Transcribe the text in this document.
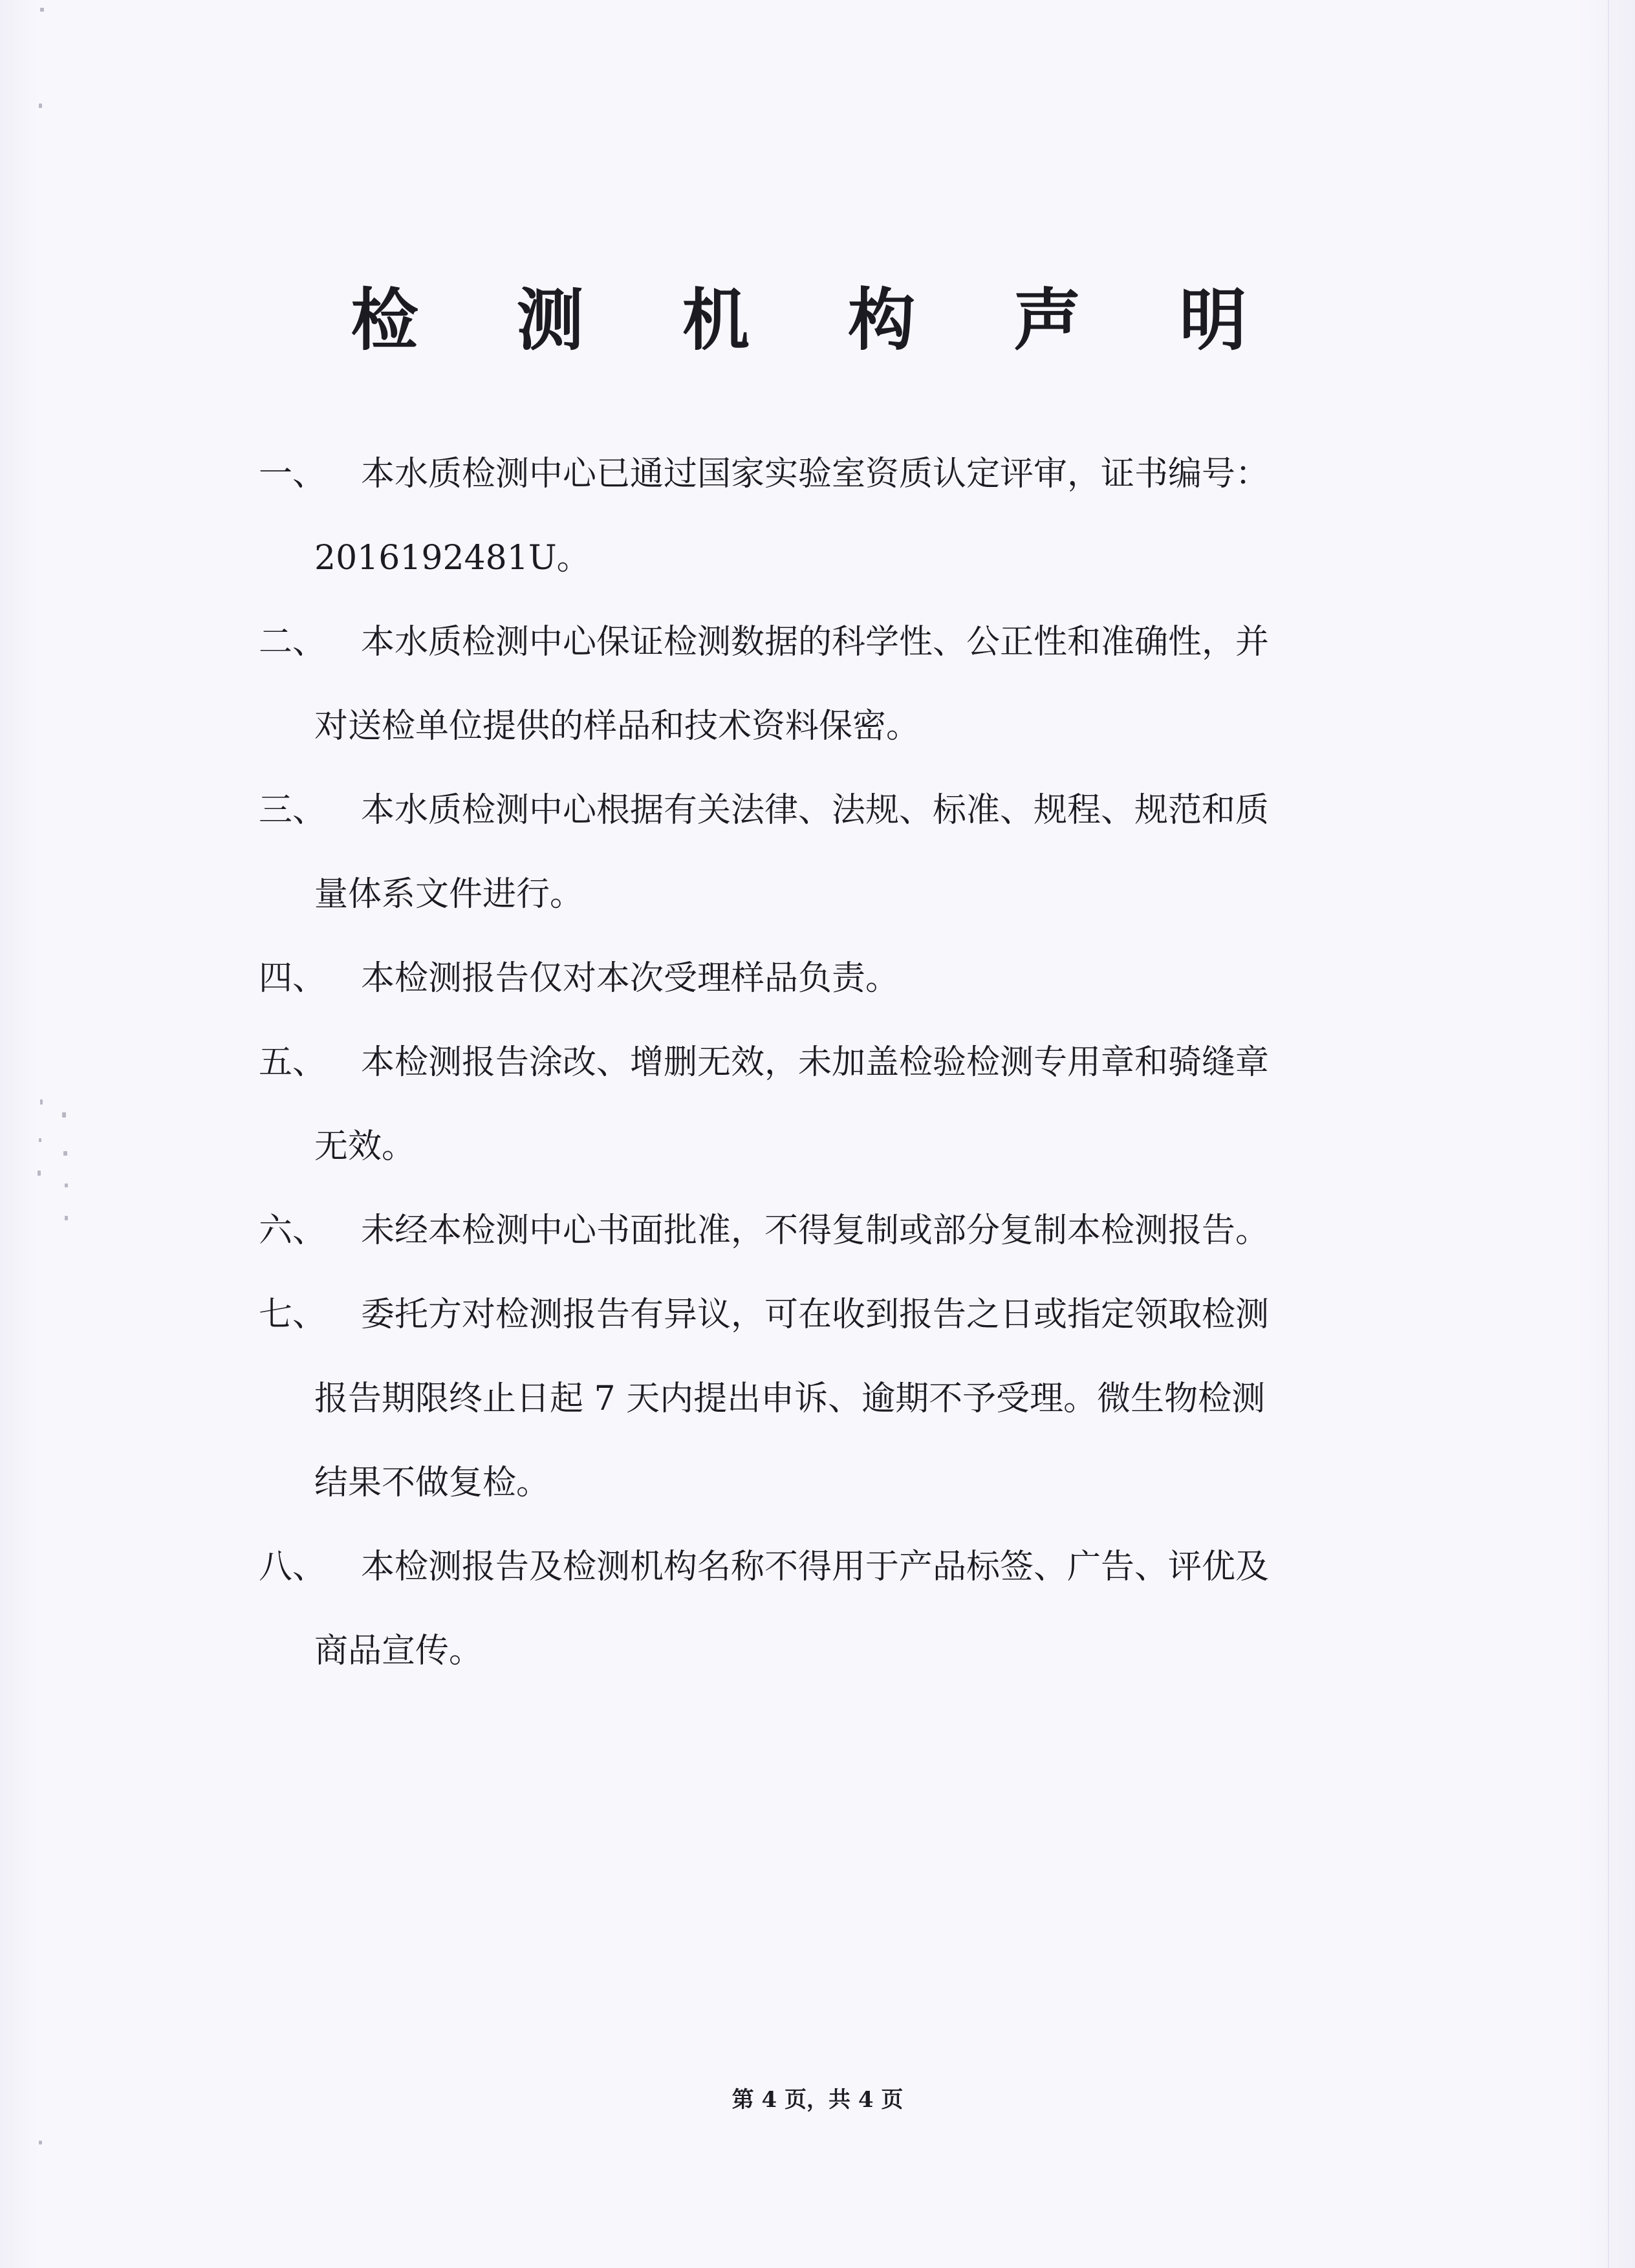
检 测 机 构 声 明
一、	本水质检测中心已通过国家实验室资质认定评审，证书编号：
2016192481U。
二、	本水质检测中心保证检测数据的科学性、公正性和准确性，并
对送检单位提供的样品和技术资料保密。
三、	本水质检测中心根据有关法律、法规、标准、规程、规范和质
量体系文件进行。
四、	本检测报告仅对本次受理样品负责。
五、	本检测报告涂改、增删无效，未加盖检验检测专用章和骑缝章
无效。
六、	未经本检测中心书面批准，不得复制或部分复制本检测报告。
七、	委托方对检测报告有异议，可在收到报告之日或指定领取检测
报告期限终止日起 7 天内提出申诉、逾期不予受理。微生物检测
结果不做复检。
八、	本检测报告及检测机构名称不得用于产品标签、广告、评优及
商品宣传。
第 4 页，共 4 页
